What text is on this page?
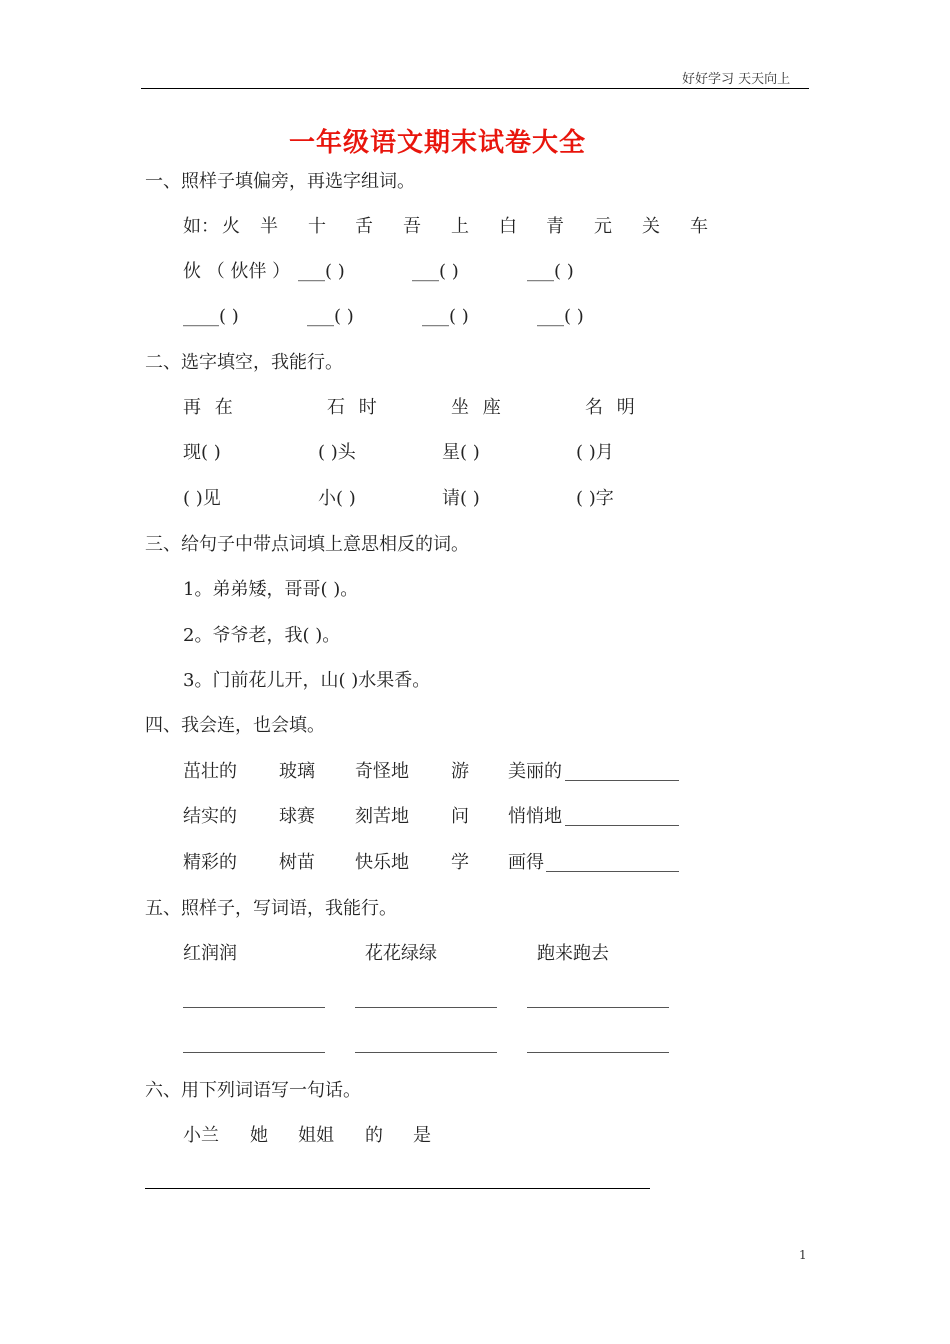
好好学习 天天向上
一年级语文期末试卷大全
一、照样子填偏旁，再选字组词。
如： 火 半 十 舌 吾 上 白 青 元 关 车
伙 （ 伙伴 ） ___( )	___( )	___( )
____( )	___( )	___( )	___( )
二、选字填空，我能行。
再 在	石 时	坐 座	名 明
现( )	( )头	星( )	( )月
( )见	小( )	请( )	( )字
三、给句子中带点词填上意思相反的词。
1。弟弟矮，哥哥( )。
2。爷爷老，我( )。
3。门前花儿开，山( )水果香。
四、我会连，也会填。
茁壮的 玻璃 奇怪地 游 美丽的
结实的 球赛 刻苦地 问 悄悄地
精彩的 树苗 快乐地 学 画得
五、照样子，写词语，我能行。
红润润	花花绿绿	跑来跑去
六、用下列词语写一句话。
小兰 她 姐姐 的 是
1
